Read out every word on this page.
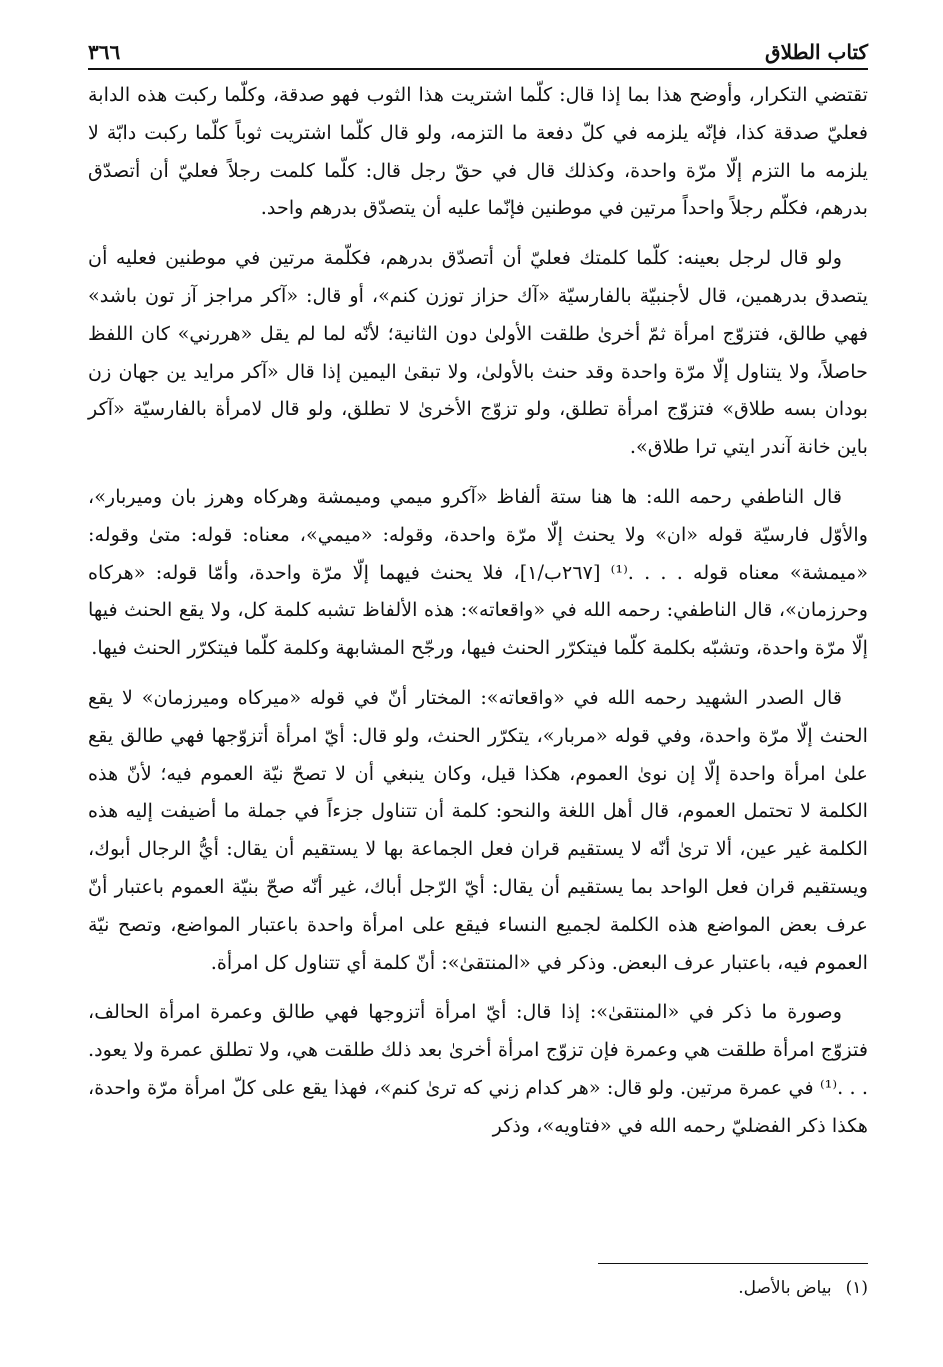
كتاب الطلاق
٣٦٦

تقتضي التكرار، وأوضح هذا بما إذا قال: كلّما اشتريت هذا الثوب فهو صدقة، وكلّما ركبت هذه الدابة فعليّ صدقة كذا، فإنّه يلزمه في كلّ دفعة ما التزمه، ولو قال كلّما اشتريت ثوباً كلّما ركبت دابّة لا يلزمه ما التزم إلّا مرّة واحدة، وكذلك قال في حقّ رجل قال: كلّما كلمت رجلاً فعليّ أن أتصدّق بدرهم، فكلّم رجلاً واحداً مرتين في موطنين فإنّما عليه أن يتصدّق بدرهم واحد.

ولو قال لرجل بعينه: كلّما كلمتك فعليّ أن أتصدّق بدرهم، فكلّمة مرتين في موطنين فعليه أن يتصدق بدرهمين، قال لأجنبيّة بالفارسيّة «آك حزاز توزن كنم»، أو قال: «آكر مراجز آز تون باشد» فهي طالق، فتزوّج امرأة ثمّ أخرىٰ طلقت الأولىٰ دون الثانية؛ لأنّه لما لم يقل «هررني» كان اللفظ حاصلاً، ولا يتناول إلّا مرّة واحدة وقد حنث بالأولىٰ، ولا تبقىٰ اليمين إذا قال «آكر مرايد ين جهان زن بودان بسه طلاق» فتزوّج امرأة تطلق، ولو تزوّج الأخرىٰ لا تطلق، ولو قال لامرأة بالفارسيّة «آكر باين خانة آندر ايتي ترا طلاق».

قال الناطفي رحمه الله: ها هنا ستة ألفاظ «آكرو ميمي وميمشة وهركاه وهرز بان وميربار»، والأوّل فارسيّة قوله «ان» ولا يحنث إلّا مرّة واحدة، وقوله: «ميمي»، معناه: قوله: متىٰ وقوله: «ميمشة» معناه قوله . . . .⁽¹⁾ [٢٦٧ب/١]، فلا يحنث فيهما إلّا مرّة واحدة، وأمّا قوله: «هركاه وحرزمان»، قال الناطفي: رحمه الله في «واقعاته»: هذه الألفاظ تشبه كلمة كل، ولا يقع الحنث فيها إلّا مرّة واحدة، وتشبّه بكلمة كلّما فيتكرّر الحنث فيها، ورجّح المشابهة وكلمة كلّما فيتكرّر الحنث فيها.

قال الصدر الشهيد رحمه الله في «واقعاته»: المختار أنّ في قوله «ميركاه وميرزمان» لا يقع الحنث إلّا مرّة واحدة، وفي قوله «مربار»، يتكرّر الحنث، ولو قال: أيّ امرأة أتزوّجها فهي طالق يقع علىٰ امرأة واحدة إلّا إن نوىٰ العموم، هكذا قيل، وكان ينبغي أن لا تصحّ نيّة العموم فيه؛ لأنّ هذه الكلمة لا تحتمل العموم، قال أهل اللغة والنحو: كلمة أن تتناول جزءاً في جملة ما أضيفت إليه هذه الكلمة غير عين، ألا ترىٰ أنّه لا يستقيم قران فعل الجماعة بها لا يستقيم أن يقال: أيُّ الرجال أبوك، ويستقيم قران فعل الواحد بما يستقيم أن يقال: أيّ الرّجل أباك، غير أنّه صحّ بنيّة العموم باعتبار أنّ عرف بعض المواضع هذه الكلمة لجميع النساء فيقع على امرأة واحدة باعتبار المواضع، وتصح نيّة العموم فيه، باعتبار عرف البعض. وذكر في «المنتقىٰ»: أنّ كلمة أي تتناول كل امرأة.

وصورة ما ذكر في «المنتقىٰ»: إذا قال: أيّ امرأة أتزوجها فهي طالق وعمرة امرأة الحالف، فتزوّج امرأة طلقت هي وعمرة فإن تزوّج امرأة أخرىٰ بعد ذلك طلقت هي، ولا تطلق عمرة ولا يعود. . . .⁽¹⁾ في عمرة مرتين. ولو قال: «هر كدام زني كه ترىٰ كنم»، فهذا يقع على كلّ امرأة مرّة واحدة، هكذا ذكر الفضليّ رحمه الله في «فتاويه»، وذكر

(١)
بياض بالأصل.
